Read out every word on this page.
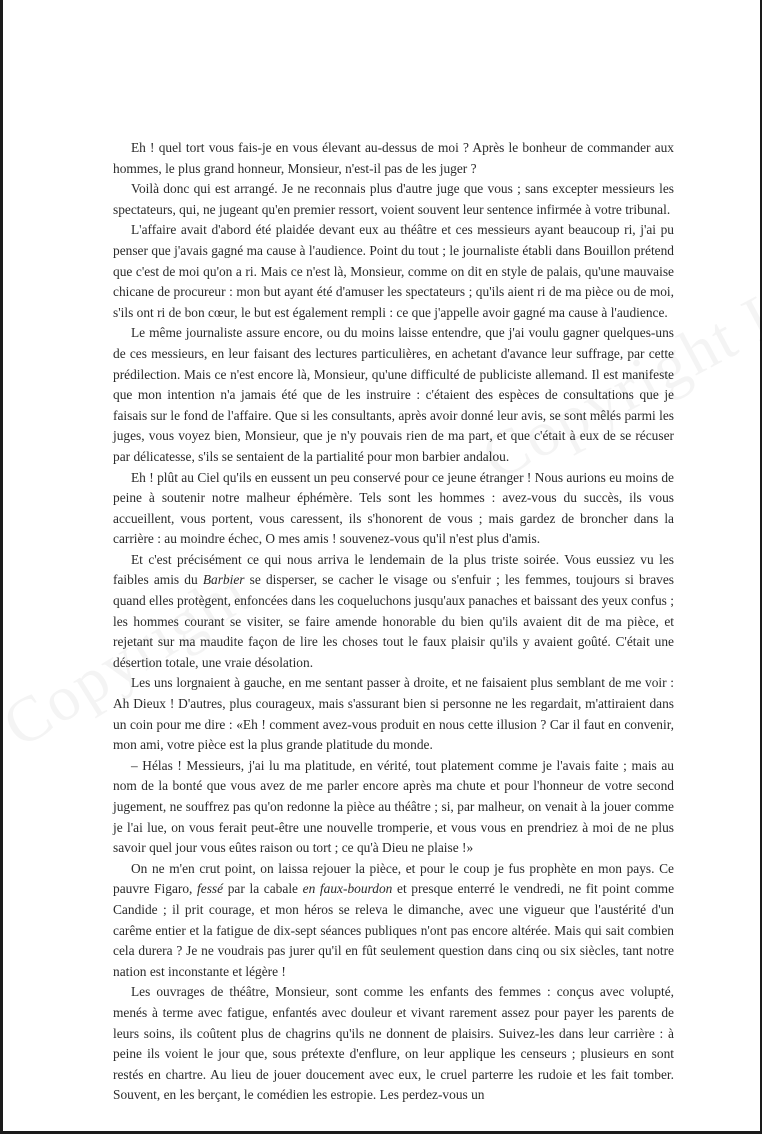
Eh ! quel tort vous fais-je en vous élevant au-dessus de moi ? Après le bonheur de commander aux hommes, le plus grand honneur, Monsieur, n'est-il pas de les juger ?

Voilà donc qui est arrangé. Je ne reconnais plus d'autre juge que vous ; sans excepter messieurs les spectateurs, qui, ne jugeant qu'en premier ressort, voient souvent leur sentence infirmée à votre tribunal.

L'affaire avait d'abord été plaidée devant eux au théâtre et ces messieurs ayant beaucoup ri, j'ai pu penser que j'avais gagné ma cause à l'audience. Point du tout ; le journaliste établi dans Bouillon prétend que c'est de moi qu'on a ri. Mais ce n'est là, Monsieur, comme on dit en style de palais, qu'une mauvaise chicane de procureur : mon but ayant été d'amuser les spectateurs ; qu'ils aient ri de ma pièce ou de moi, s'ils ont ri de bon cœur, le but est également rempli : ce que j'appelle avoir gagné ma cause à l'audience.

Le même journaliste assure encore, ou du moins laisse entendre, que j'ai voulu gagner quelques-uns de ces messieurs, en leur faisant des lectures particulières, en achetant d'avance leur suffrage, par cette prédilection. Mais ce n'est encore là, Monsieur, qu'une difficulté de publiciste allemand. Il est manifeste que mon intention n'a jamais été que de les instruire : c'étaient des espèces de consultations que je faisais sur le fond de l'affaire. Que si les consultants, après avoir donné leur avis, se sont mêlés parmi les juges, vous voyez bien, Monsieur, que je n'y pouvais rien de ma part, et que c'était à eux de se récuser par délicatesse, s'ils se sentaient de la partialité pour mon barbier andalou.

Eh ! plût au Ciel qu'ils en eussent un peu conservé pour ce jeune étranger ! Nous aurions eu moins de peine à soutenir notre malheur éphémère. Tels sont les hommes : avez-vous du succès, ils vous accueillent, vous portent, vous caressent, ils s'honorent de vous ; mais gardez de broncher dans la carrière : au moindre échec, O mes amis ! souvenez-vous qu'il n'est plus d'amis.

Et c'est précisément ce qui nous arriva le lendemain de la plus triste soirée. Vous eussiez vu les faibles amis du Barbier se disperser, se cacher le visage ou s'enfuir ; les femmes, toujours si braves quand elles protègent, enfoncées dans les coqueluchons jusqu'aux panaches et baissant des yeux confus ; les hommes courant se visiter, se faire amende honorable du bien qu'ils avaient dit de ma pièce, et rejetant sur ma maudite façon de lire les choses tout le faux plaisir qu'ils y avaient goûté. C'était une désertion totale, une vraie désolation.

Les uns lorgnaient à gauche, en me sentant passer à droite, et ne faisaient plus semblant de me voir : Ah Dieux ! D'autres, plus courageux, mais s'assurant bien si personne ne les regardait, m'attiraient dans un coin pour me dire : «Eh ! comment avez-vous produit en nous cette illusion ? Car il faut en convenir, mon ami, votre pièce est la plus grande platitude du monde.

– Hélas ! Messieurs, j'ai lu ma platitude, en vérité, tout platement comme je l'avais faite ; mais au nom de la bonté que vous avez de me parler encore après ma chute et pour l'honneur de votre second jugement, ne souffrez pas qu'on redonne la pièce au théâtre ; si, par malheur, on venait à la jouer comme je l'ai lue, on vous ferait peut-être une nouvelle tromperie, et vous vous en prendriez à moi de ne plus savoir quel jour vous eûtes raison ou tort ; ce qu'à Dieu ne plaise !»

On ne m'en crut point, on laissa rejouer la pièce, et pour le coup je fus prophète en mon pays. Ce pauvre Figaro, fessé par la cabale en faux-bourdon et presque enterré le vendredi, ne fit point comme Candide ; il prit courage, et mon héros se releva le dimanche, avec une vigueur que l'austérité d'un carême entier et la fatigue de dix-sept séances publiques n'ont pas encore altérée. Mais qui sait combien cela durera ? Je ne voudrais pas jurer qu'il en fût seulement question dans cinq ou six siècles, tant notre nation est inconstante et légère !

Les ouvrages de théâtre, Monsieur, sont comme les enfants des femmes : conçus avec volupté, menés à terme avec fatigue, enfantés avec douleur et vivant rarement assez pour payer les parents de leurs soins, ils coûtent plus de chagrins qu'ils ne donnent de plaisirs. Suivez-les dans leur carrière : à peine ils voient le jour que, sous prétexte d'enflure, on leur applique les censeurs ; plusieurs en sont restés en chartre. Au lieu de jouer doucement avec eux, le cruel parterre les rudoie et les fait tomber. Souvent, en les berçant, le comédien les estropie. Les perdez-vous un
